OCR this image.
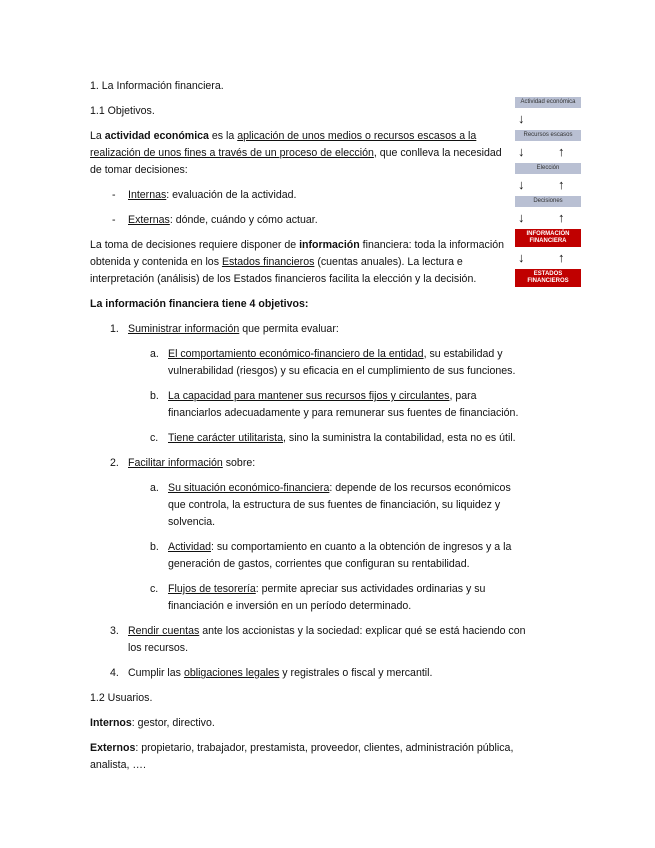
1. La Información financiera.

1.1 Objetivos.

La actividad económica es la aplicación de unos medios o recursos escasos a la realización de unos fines a través de un proceso de elección, que conlleva la necesidad de tomar decisiones:

- Internas: evaluación de la actividad.

- Externas: dónde, cuándo y cómo actuar.

La toma de decisiones requiere disponer de información financiera: toda la información obtenida y contenida en los Estados financieros (cuentas anuales). La lectura e interpretación (análisis) de los Estados financieros facilita la elección y la decisión.

La información financiera tiene 4 objetivos:

1. Suministrar información que permita evaluar:

a. El comportamiento económico-financiero de la entidad, su estabilidad y vulnerabilidad (riesgos) y su eficacia en el cumplimiento de sus funciones.

b. La capacidad para mantener sus recursos fijos y circulantes, para financiarlos adecuadamente y para remunerar sus fuentes de financiación.

c. Tiene carácter utilitarista, sino la suministra la contabilidad, esta no es útil.

2. Facilitar información sobre:

a. Su situación económico-financiera: depende de los recursos económicos que controla, la estructura de sus fuentes de financiación, su liquidez y solvencia.

b. Actividad: su comportamiento en cuanto a la obtención de ingresos y a la generación de gastos, corrientes que configuran su rentabilidad.

c. Flujos de tesorería: permite apreciar sus actividades ordinarias y su financiación e inversión en un período determinado.

3. Rendir cuentas ante los accionistas y la sociedad: explicar qué se está haciendo con los recursos.

4. Cumplir las obligaciones legales y registrales o fiscal y mercantil.

1.2 Usuarios.

Internos: gestor, directivo.

Externos: propietario, trabajador, prestamista, proveedor, clientes, administración pública, analista, ….

Actividad económica
↓
Recursos escasos
↓	↑
Elección
↓	↑
Decisiones
↓	↑
INFORMACIÓN FINANCIERA
↓	↑
ESTADOS FINANCIEROS
